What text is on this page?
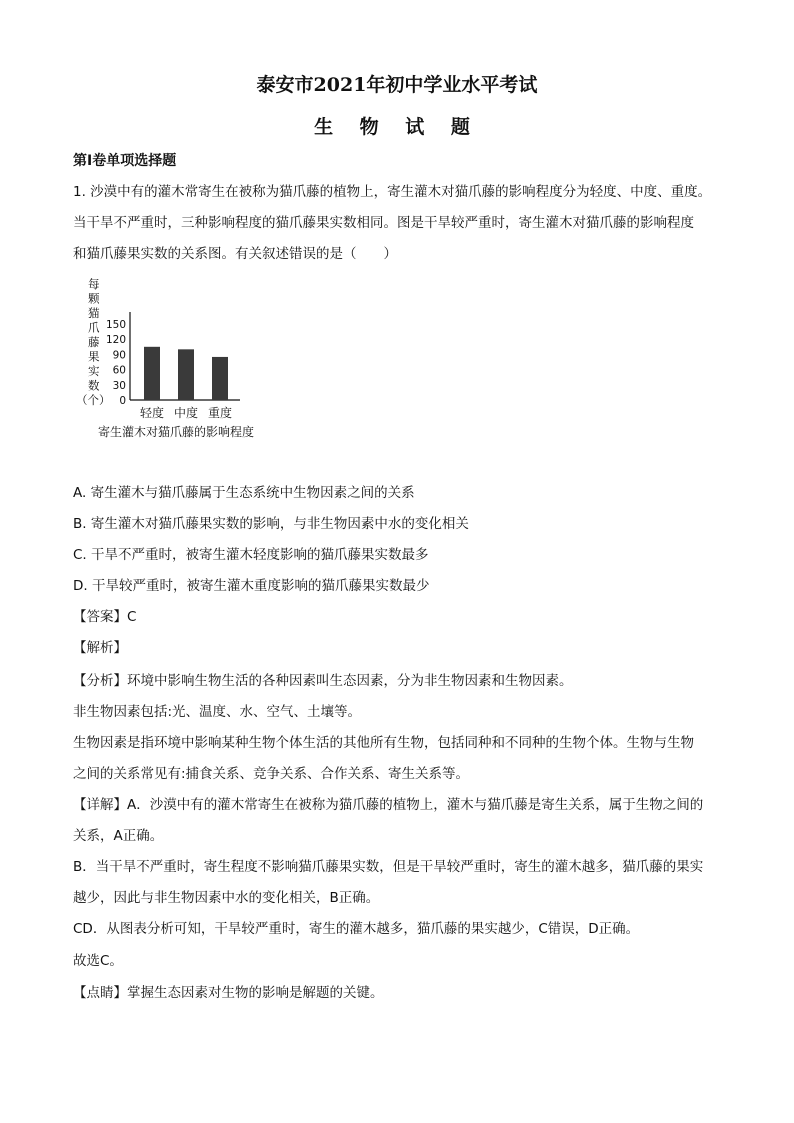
泰安市2021年初中学业水平考试
生 物 试 题
第I卷单项选择题
1. 沙漠中有的灌木常寄生在被称为猫爪藤的植物上，寄生灌木对猫爪藤的影响程度分为轻度、中度、重度。
当干旱不严重时，三种影响程度的猫爪藤果实数相同。图是干旱较严重时，寄生灌木对猫爪藤的影响程度
和猫爪藤果实数的关系图。有关叙述错误的是（　　）
每
颗
猫
爪
藤
果
实
数
（个）
150
120
90
60
30
0
轻度 中度 重度
寄生灌木对猫爪藤的影响程度
A. 寄生灌木与猫爪藤属于生态系统中生物因素之间的关系
B. 寄生灌木对猫爪藤果实数的影响，与非生物因素中水的变化相关
C. 干旱不严重时，被寄生灌木轻度影响的猫爪藤果实数最多
D. 干旱较严重时，被寄生灌木重度影响的猫爪藤果实数最少
【答案】C
【解析】
【分析】环境中影响生物生活的各种因素叫生态因素，分为非生物因素和生物因素。
非生物因素包括:光、温度、水、空气、土壤等。
生物因素是指环境中影响某种生物个体生活的其他所有生物，包括同种和不同种的生物个体。生物与生物
之间的关系常见有:捕食关系、竞争关系、合作关系、寄生关系等。
【详解】A．沙漠中有的灌木常寄生在被称为猫爪藤的植物上，灌木与猫爪藤是寄生关系，属于生物之间的
关系，A正确。
B．当干旱不严重时，寄生程度不影响猫爪藤果实数，但是干旱较严重时，寄生的灌木越多，猫爪藤的果实
越少，因此与非生物因素中水的变化相关，B正确。
CD．从图表分析可知，干旱较严重时，寄生的灌木越多，猫爪藤的果实越少，C错误，D正确。
故选C。
【点睛】掌握生态因素对生物的影响是解题的关键。
